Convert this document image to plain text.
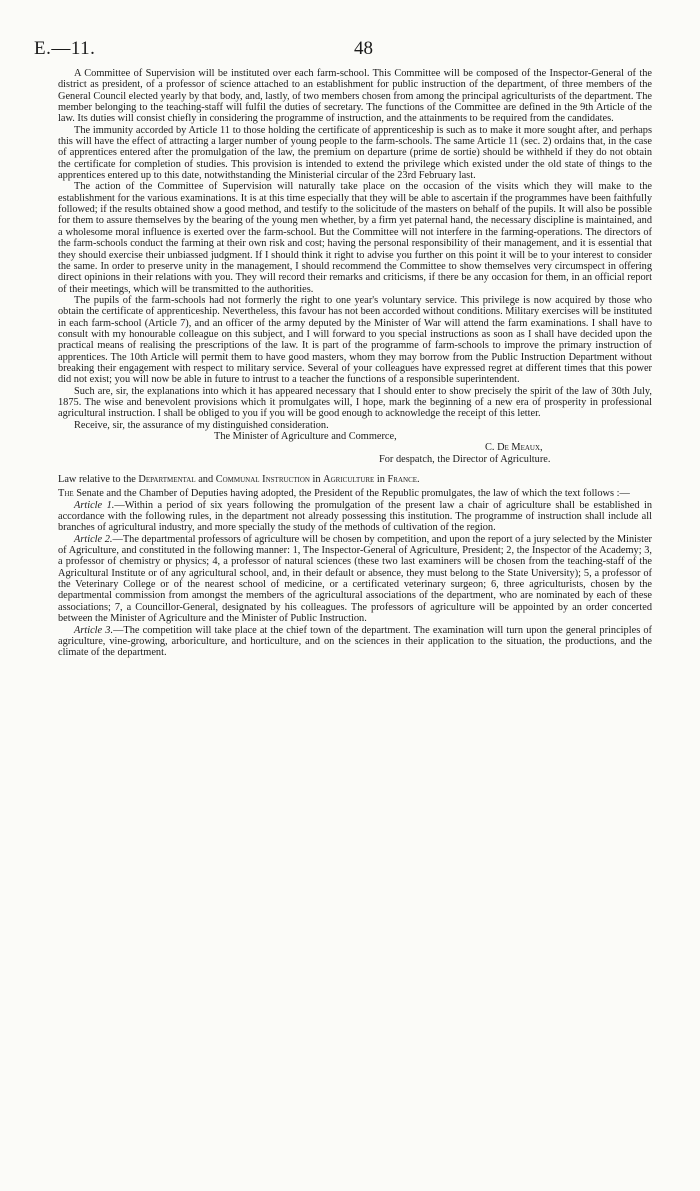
E.—11.	48

A Committee of Supervision will be instituted over each farm-school. This Committee will be composed of the Inspector-General of the district as president, of a professor of science attached to an establishment for public instruction of the department, of three members of the General Council elected yearly by that body, and, lastly, of two members chosen from among the principal agriculturists of the department. The member belonging to the teaching-staff will fulfil the duties of secretary. The functions of the Committee are defined in the 9th Article of the law. Its duties will consist chiefly in considering the programme of instruction, and the attainments to be required from the candidates.

The immunity accorded by Article 11 to those holding the certificate of apprenticeship is such as to make it more sought after, and perhaps this will have the effect of attracting a larger number of young people to the farm-schools. The same Article 11 (sec. 2) ordains that, in the case of apprentices entered after the promulgation of the law, the premium on departure (prime de sortie) should be withheld if they do not obtain the certificate for completion of studies. This provision is intended to extend the privilege which existed under the old state of things to the apprentices entered up to this date, notwithstanding the Ministerial circular of the 23rd February last.

The action of the Committee of Supervision will naturally take place on the occasion of the visits which they will make to the establishment for the various examinations. It is at this time especially that they will be able to ascertain if the programmes have been faithfully followed; if the results obtained show a good method, and testify to the solicitude of the masters on behalf of the pupils. It will also be possible for them to assure themselves by the bearing of the young men whether, by a firm yet paternal hand, the necessary discipline is maintained, and a wholesome moral influence is exerted over the farm-school. But the Committee will not interfere in the farming-operations. The directors of the farm-schools conduct the farming at their own risk and cost; having the personal responsibility of their management, and it is essential that they should exercise their unbiassed judgment. If I should think it right to advise you further on this point it will be to your interest to consider the same. In order to preserve unity in the management, I should recommend the Committee to show themselves very circumspect in offering direct opinions in their relations with you. They will record their remarks and criticisms, if there be any occasion for them, in an official report of their meetings, which will be transmitted to the authorities.

The pupils of the farm-schools had not formerly the right to one year's voluntary service. This privilege is now acquired by those who obtain the certificate of apprenticeship. Nevertheless, this favour has not been accorded without conditions. Military exercises will be instituted in each farm-school (Article 7), and an officer of the army deputed by the Minister of War will attend the farm examinations. I shall have to consult with my honourable colleague on this subject, and I will forward to you special instructions as soon as I shall have decided upon the practical means of realising the prescriptions of the law. It is part of the programme of farm-schools to improve the primary instruction of apprentices. The 10th Article will permit them to have good masters, whom they may borrow from the Public Instruction Department without breaking their engagement with respect to military service. Several of your colleagues have expressed regret at different times that this power did not exist; you will now be able in future to intrust to a teacher the functions of a responsible superintendent.

Such are, sir, the explanations into which it has appeared necessary that I should enter to show precisely the spirit of the law of 30th July, 1875. The wise and benevolent provisions which it promulgates will, I hope, mark the beginning of a new era of prosperity in professional agricultural instruction. I shall be obliged to you if you will be good enough to acknowledge the receipt of this letter.

Receive, sir, the assurance of my distinguished consideration.

The Minister of Agriculture and Commerce,

C. De Meaux,

For despatch, the Director of Agriculture.

Law relative to the Departmental and Communal Instruction in Agriculture in France.

The Senate and the Chamber of Deputies having adopted, the President of the Republic promulgates, the law of which the text follows :—

Article 1.—Within a period of six years following the promulgation of the present law a chair of agriculture shall be established in accordance with the following rules, in the department not already possessing this institution. The programme of instruction shall include all branches of agricultural industry, and more specially the study of the methods of cultivation of the region.

Article 2.—The departmental professors of agriculture will be chosen by competition, and upon the report of a jury selected by the Minister of Agriculture, and constituted in the following manner: 1, The Inspector-General of Agriculture, President; 2, the Inspector of the Academy; 3, a professor of chemistry or physics; 4, a professor of natural sciences (these two last examiners will be chosen from the teaching-staff of the Agricultural Institute or of any agricultural school, and, in their default or absence, they must belong to the State University); 5, a professor of the Veterinary College or of the nearest school of medicine, or a certificated veterinary surgeon; 6, three agriculturists, chosen by the departmental commission from amongst the members of the agricultural associations of the department, who are nominated by each of these associations; 7, a Councillor-General, designated by his colleagues. The professors of agriculture will be appointed by an order concerted between the Minister of Agriculture and the Minister of Public Instruction.

Article 3.—The competition will take place at the chief town of the department. The examination will turn upon the general principles of agriculture, vine-growing, arboriculture, and horticulture, and on the sciences in their application to the situation, the productions, and the climate of the department.
